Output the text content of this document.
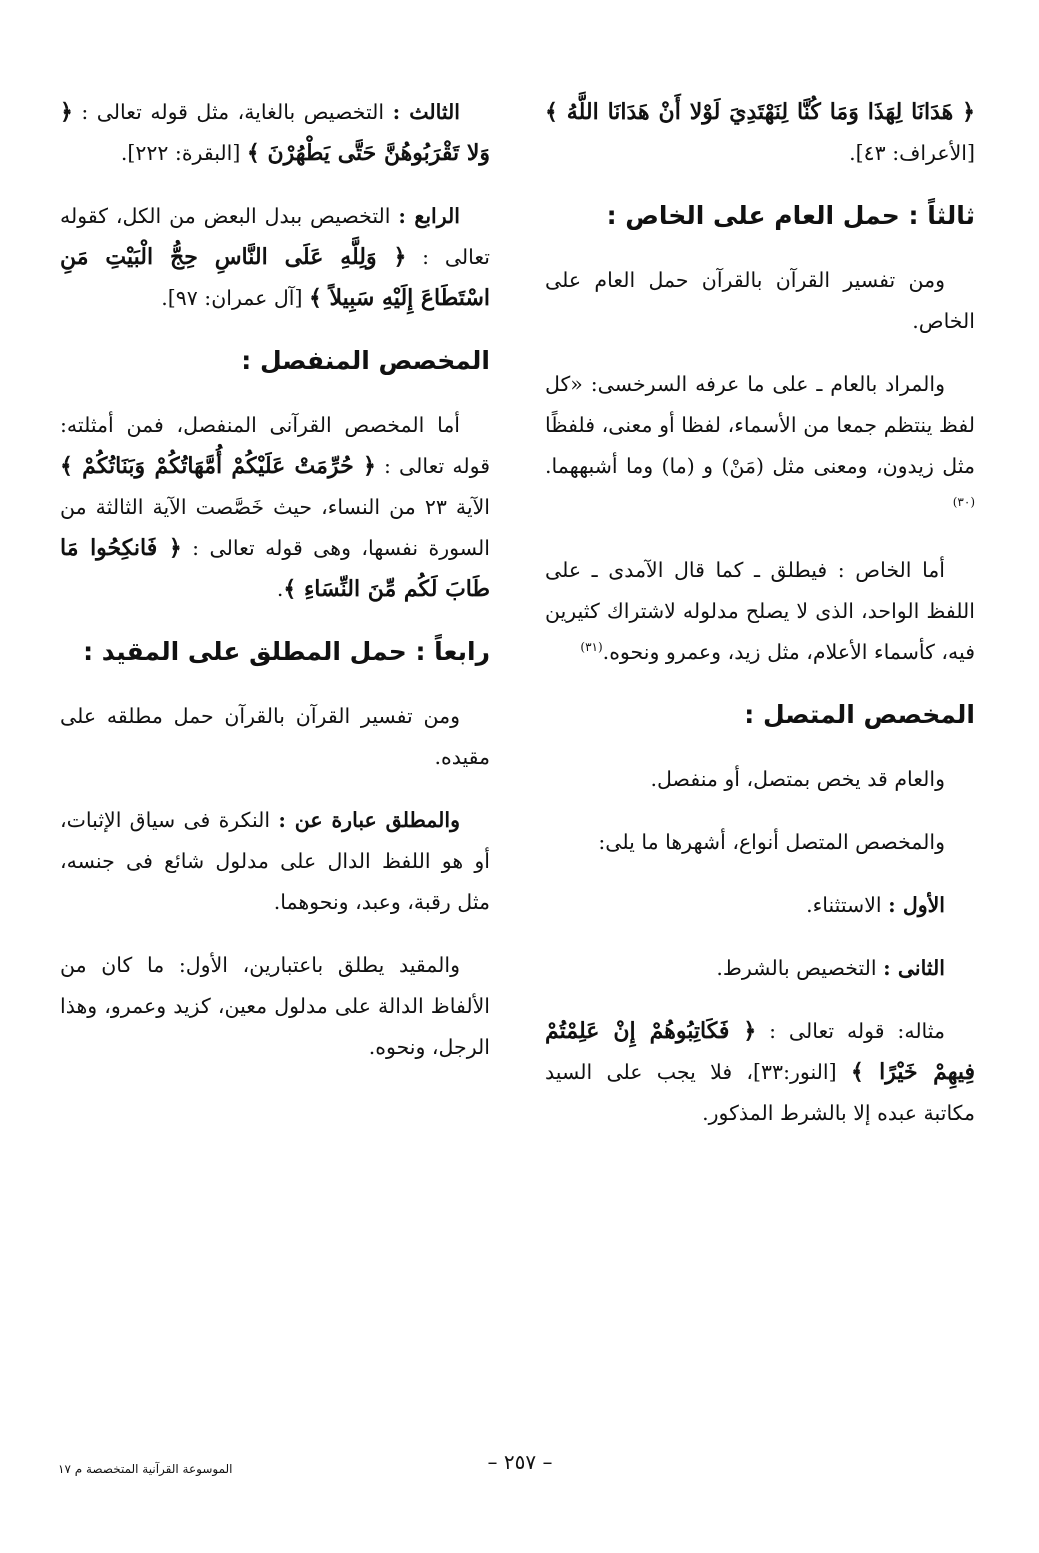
﴿ هَدَانَا لِهَذَا وَمَا كُنَّا لِنَهْتَدِيَ لَوْلا أَنْ هَدَانَا اللَّهُ ﴾ [الأعراف: ٤٣].

ثالثاً : حمل العام على الخاص :

ومن تفسير القرآن بالقرآن حمل العام على الخاص.

والمراد بالعام ـ على ما عرفه السرخسى: «كل لفظ ينتظم جمعا من الأسماء، لفظا أو معنى، فلفظًا مثل زيدون، ومعنى مثل (مَنْ) و (ما) وما أشبههما.$^{(٣٠)}$

أما الخاص : فيطلق ـ كما قال الآمدى ـ على اللفظ الواحد، الذى لا يصلح مدلوله لاشتراك كثيرين فيه، كأسماء الأعلام، مثل زيد، وعمرو ونحوه.$^{(٣١)}$

المخصص المتصل :

والعام قد يخص بمتصل، أو منفصل.

والمخصص المتصل أنواع، أشهرها ما يلى:

الأول : الاستثناء.

الثانى : التخصيص بالشرط.

مثاله: قوله تعالى : ﴿ فَكَاتِبُوهُمْ إِنْ عَلِمْتُمْ فِيهِمْ خَيْرًا ﴾ [النور:٣٣]، فلا يجب على السيد مكاتبة عبده إلا بالشرط المذكور.

الثالث : التخصيص بالغاية، مثل قوله تعالى : ﴿ وَلا تَقْرَبُوهُنَّ حَتَّى يَطْهُرْنَ ﴾ [البقرة: ٢٢٢].

الرابع : التخصيص ببدل البعض من الكل، كقوله تعالى : ﴿ وَلِلَّهِ عَلَى النَّاسِ حِجُّ الْبَيْتِ مَنِ اسْتَطَاعَ إِلَيْهِ سَبِيلاً ﴾ [آل عمران: ٩٧].

المخصص المنفصل :

أما المخصص القرآنى المنفصل، فمن أمثلته: قوله تعالى : ﴿ حُرِّمَتْ عَلَيْكُمْ أُمَّهَاتُكُمْ وَبَنَاتُكُمْ ﴾ الآية ٢٣ من النساء، حيث خَصَّصت الآية الثالثة من السورة نفسها، وهى قوله تعالى : ﴿ فَانكِحُوا مَا طَابَ لَكُم مِّنَ النِّسَاءِ ﴾.

رابعاً : حمل المطلق على المقيد :

ومن تفسير القرآن بالقرآن حمل مطلقه على مقيده.

والمطلق عبارة عن : النكرة فى سياق الإثبات، أو هو اللفظ الدال على مدلول شائع فى جنسه، مثل رقبة، وعبد، ونحوهما.

والمقيد يطلق باعتبارين، الأول: ما كان من الألفاظ الدالة على مدلول معين، كزيد وعمرو، وهذا الرجل، ونحوه.

الموسوعة القرآنية المتخصصة م ١٧	– ٢٥٧ –
